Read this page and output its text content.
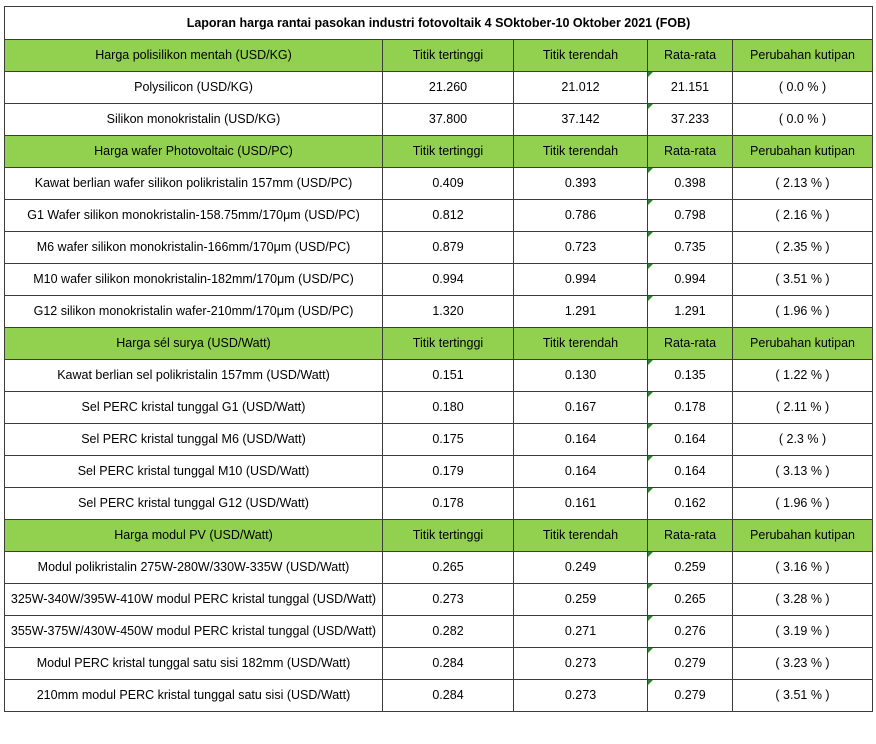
Laporan harga rantai pasokan industri fotovoltaik 4 SOktober-10 Oktober 2021 (FOB)				
Harga polisilikon mentah (USD/KG)	Titik tertinggi	Titik terendah	Rata-rata	Perubahan kutipan
Polysilicon (USD/KG)	21.260	21.012	21.151	( 0.0 % )
Silikon monokristalin (USD/KG)	37.800	37.142	37.233	( 0.0 % )
Harga wafer Photovoltaic (USD/PC)	Titik tertinggi	Titik terendah	Rata-rata	Perubahan kutipan
Kawat berlian wafer silikon polikristalin 157mm (USD/PC)	0.409	0.393	0.398	( 2.13 % )
G1 Wafer silikon monokristalin-158.75mm/170μm (USD/PC)	0.812	0.786	0.798	( 2.16 % )
M6 wafer silikon monokristalin-166mm/170μm (USD/PC)	0.879	0.723	0.735	( 2.35 % )
M10 wafer silikon monokristalin-182mm/170μm (USD/PC)	0.994	0.994	0.994	( 3.51 % )
G12 silikon monokristalin wafer-210mm/170μm (USD/PC)	1.320	1.291	1.291	( 1.96 % )
Harga sél surya (USD/Watt)	Titik tertinggi	Titik terendah	Rata-rata	Perubahan kutipan
Kawat berlian sel polikristalin 157mm (USD/Watt)	0.151	0.130	0.135	( 1.22 % )
Sel PERC kristal tunggal G1 (USD/Watt)	0.180	0.167	0.178	( 2.11 % )
Sel PERC kristal tunggal M6 (USD/Watt)	0.175	0.164	0.164	( 2.3 % )
Sel PERC kristal tunggal M10 (USD/Watt)	0.179	0.164	0.164	( 3.13 % )
Sel PERC kristal tunggal G12 (USD/Watt)	0.178	0.161	0.162	( 1.96 % )
Harga modul PV (USD/Watt)	Titik tertinggi	Titik terendah	Rata-rata	Perubahan kutipan
Modul polikristalin 275W-280W/330W-335W (USD/Watt)	0.265	0.249	0.259	( 3.16 % )
325W-340W/395W-410W modul PERC kristal tunggal (USD/Watt)	0.273	0.259	0.265	( 3.28 % )
355W-375W/430W-450W modul PERC kristal tunggal (USD/Watt)	0.282	0.271	0.276	( 3.19 % )
Modul PERC kristal tunggal satu sisi 182mm (USD/Watt)	0.284	0.273	0.279	( 3.23 % )
210mm modul PERC kristal tunggal satu sisi (USD/Watt)	0.284	0.273	0.279	( 3.51 % )
